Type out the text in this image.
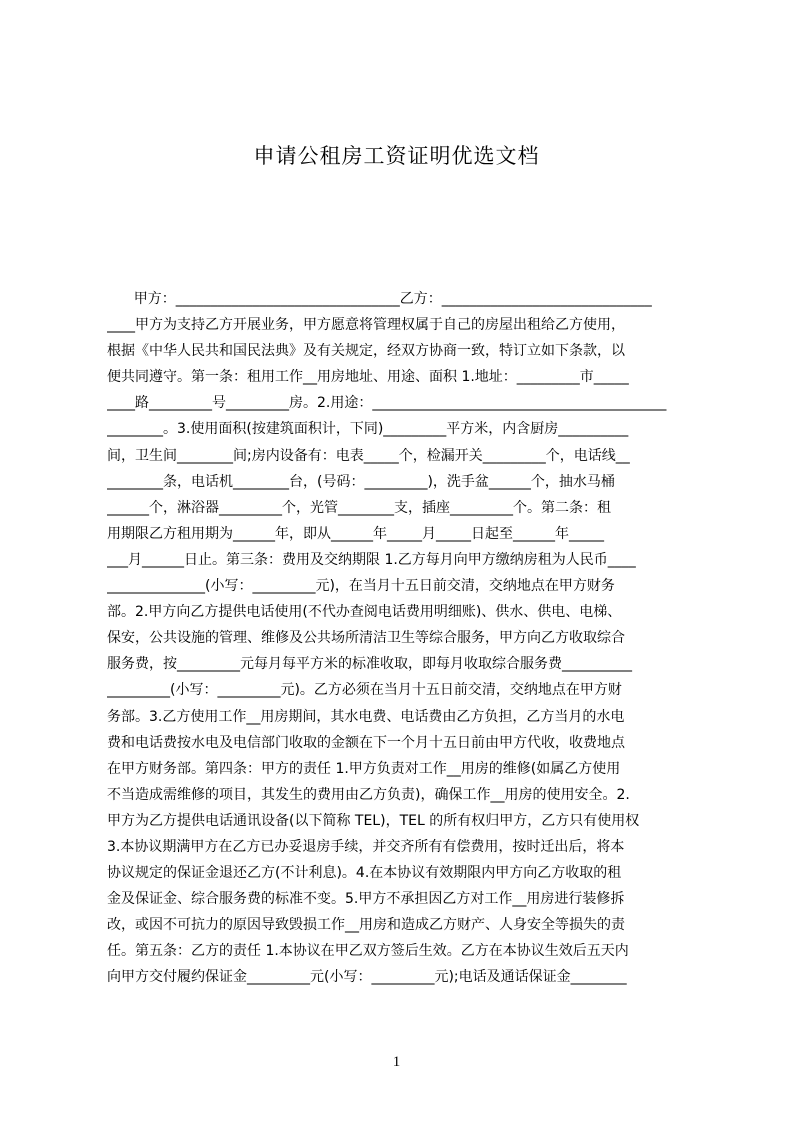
申请公租房工资证明优选文档
甲方：________________________________乙方：______________________________
____甲方为支持乙方开展业务，甲方愿意将管理权属于自己的房屋出租给乙方使用，
根据《中华人民共和国民法典》及有关规定，经双方协商一致，特订立如下条款，以
便共同遵守。第一条：租用工作__用房地址、用途、面积 1.地址：_________市_____
____路_________号_________房。2.用途：__________________________________________
________。3.使用面积(按建筑面积计，下同)_________平方米，内含厨房__________
间，卫生间________间;房内设备有：电表_____个，检漏开关_________个，电话线__
________条，电话机________台，(号码：_________)，洗手盆______个，抽水马桶
______个，淋浴器_________个，光管________支，插座_________个。第二条：租
用期限乙方租用期为______年，即从______年_____月_____日起至______年_____
___月______日止。第三条：费用及交纳期限 1.乙方每月向甲方缴纳房租为人民币____
______________(小写：_________元)，在当月十五日前交清，交纳地点在甲方财务
部。2.甲方向乙方提供电话使用(不代办查阅电话费用明细账)、供水、供电、电梯、
保安，公共设施的管理、维修及公共场所清洁卫生等综合服务，甲方向乙方收取综合
服务费，按_________元每月每平方米的标准收取，即每月收取综合服务费__________
_________(小写：_________元)。乙方必须在当月十五日前交清，交纳地点在甲方财
务部。3.乙方使用工作__用房期间，其水电费、电话费由乙方负担，乙方当月的水电
费和电话费按水电及电信部门收取的金额在下一个月十五日前由甲方代收，收费地点
在甲方财务部。第四条：甲方的责任 1.甲方负责对工作__用房的维修(如属乙方使用
不当造成需维修的项目，其发生的费用由乙方负责)，确保工作__用房的使用安全。2.
甲方为乙方提供电话通讯设备(以下简称 TEL)，TEL 的所有权归甲方，乙方只有使用权
3.本协议期满甲方在乙方已办妥退房手续，并交齐所有有偿费用，按时迁出后，将本
协议规定的保证金退还乙方(不计利息)。4.在本协议有效期限内甲方向乙方收取的租
金及保证金、综合服务费的标准不变。5.甲方不承担因乙方对工作__用房进行装修拆
改，或因不可抗力的原因导致毁损工作__用房和造成乙方财产、人身安全等损失的责
任。第五条：乙方的责任 1.本协议在甲乙双方签后生效。乙方在本协议生效后五天内
向甲方交付履约保证金_________元(小写：_________元);电话及通话保证金________
1
